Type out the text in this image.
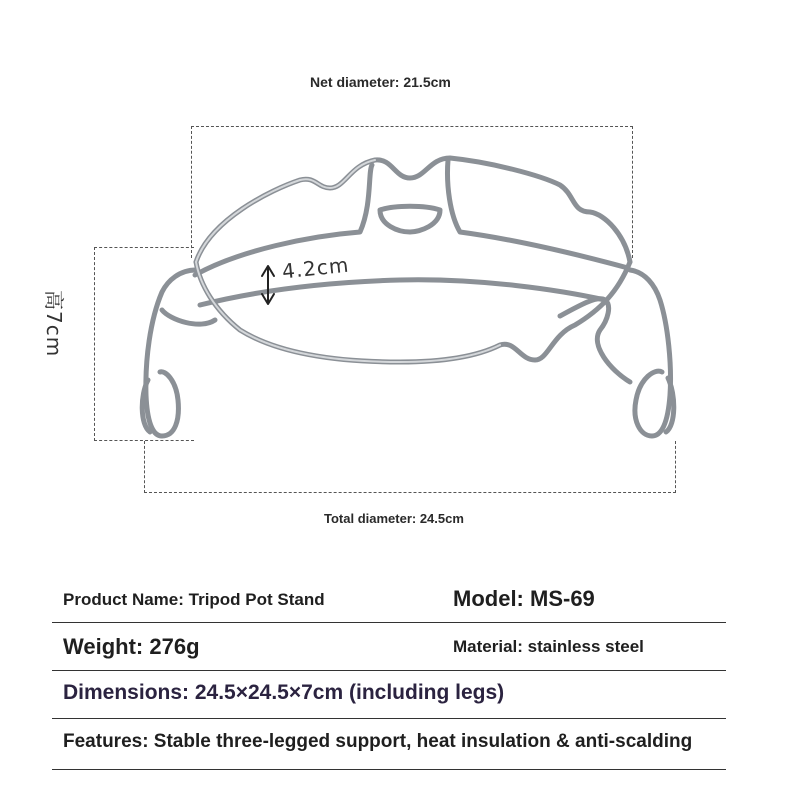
Net diameter: 21.5cm
高7cm
4.2cm
Total diameter: 24.5cm
Product Name: Tripod Pot Stand	Model: MS-69
Weight: 276g	Material: stainless steel
Dimensions: 24.5×24.5×7cm (including legs)
Features: Stable three-legged support, heat insulation & anti-scalding
